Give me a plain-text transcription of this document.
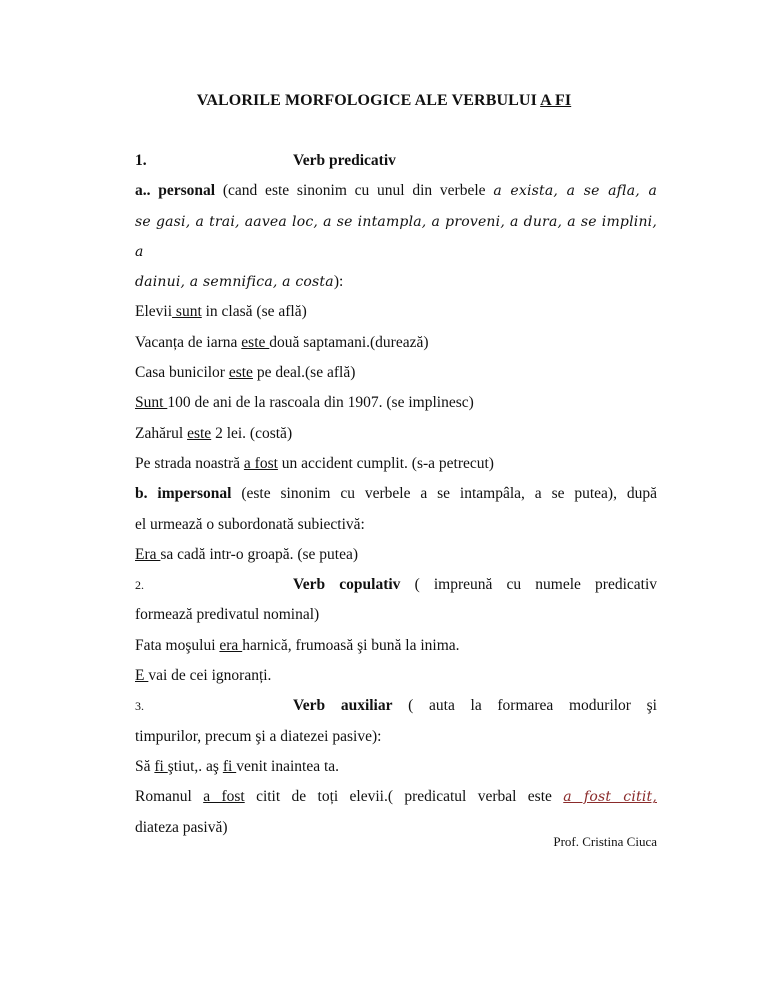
VALORILE MORFOLOGICE ALE VERBULUI A FI
1.	Verb predicativ
a.. personal (cand este sinonim cu unul din verbele a exista, a se afla, a
se gasi, a trai, aavea loc, a se intampla, a proveni, a dura, a se implini, a
dainui, a semnifica, a costa):
Elevii sunt in clasă (se află)
Vacanța de iarna este două saptamani.(durează)
Casa bunicilor este pe deal.(se află)
Sunt 100 de ani de la rascoala din 1907. (se implinesc)
Zahărul este 2 lei. (costă)
Pe strada noastră a fost un accident cumplit. (s-a petrecut)
b. impersonal (este sinonim cu verbele a se intampâla, a se putea), după
el urmează o subordonată subiectivă:
Era sa cadă intr-o groapă. (se putea)
2.	Verb copulativ ( impreună cu numele predicativ
formează predivatul nominal)
Fata moşului era harnică, frumoasă şi bună la inima.
E vai de cei ignoranți.
3.	Verb auxiliar ( auta la formarea modurilor şi
timpurilor, precum şi a diatezei pasive):
Să fi ştiut,. aş fi venit inaintea ta.
Romanul a fost citit de toți elevii.( predicatul verbal este a fost citit,
diateza pasivă)
Prof. Cristina Ciuca
